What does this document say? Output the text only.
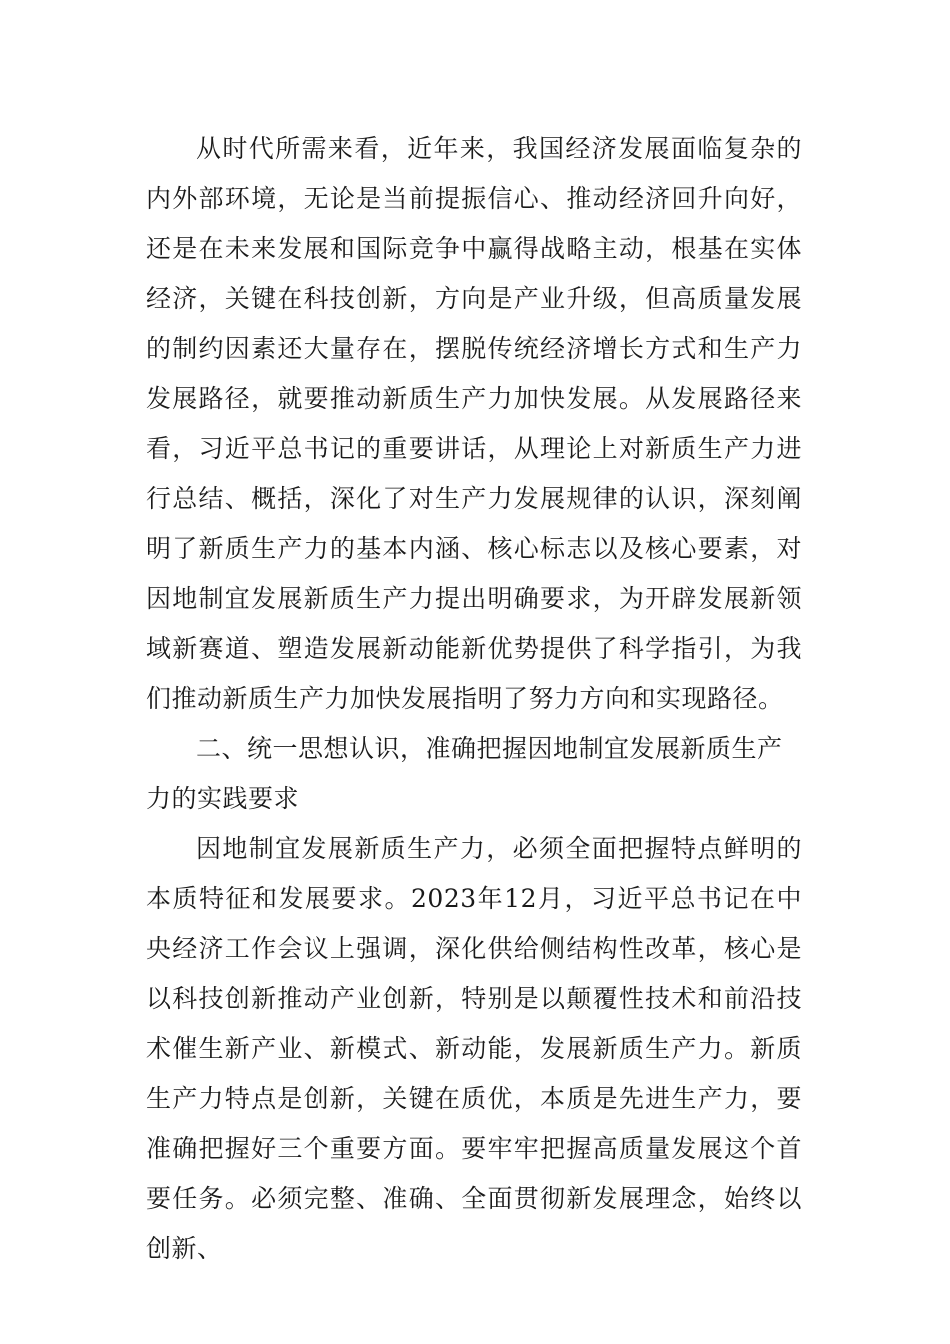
从时代所需来看，近年来，我国经济发展面临复杂的内外部环境，无论是当前提振信心、推动经济回升向好，还是在未来发展和国际竞争中赢得战略主动，根基在实体经济，关键在科技创新，方向是产业升级，但高质量发展的制约因素还大量存在，摆脱传统经济增长方式和生产力发展路径，就要推动新质生产力加快发展。从发展路径来看，习近平总书记的重要讲话，从理论上对新质生产力进行总结、概括，深化了对生产力发展规律的认识，深刻阐明了新质生产力的基本内涵、核心标志以及核心要素，对因地制宜发展新质生产力提出明确要求，为开辟发展新领域新赛道、塑造发展新动能新优势提供了科学指引，为我们推动新质生产力加快发展指明了努力方向和实现路径。

二、统一思想认识，准确把握因地制宜发展新质生产力的实践要求

因地制宜发展新质生产力，必须全面把握特点鲜明的本质特征和发展要求。2023年12月，习近平总书记在中央经济工作会议上强调，深化供给侧结构性改革，核心是以科技创新推动产业创新，特别是以颠覆性技术和前沿技术催生新产业、新模式、新动能，发展新质生产力。新质生产力特点是创新，关键在质优，本质是先进生产力，要准确把握好三个重要方面。要牢牢把握高质量发展这个首要任务。必须完整、准确、全面贯彻新发展理念，始终以创新、
